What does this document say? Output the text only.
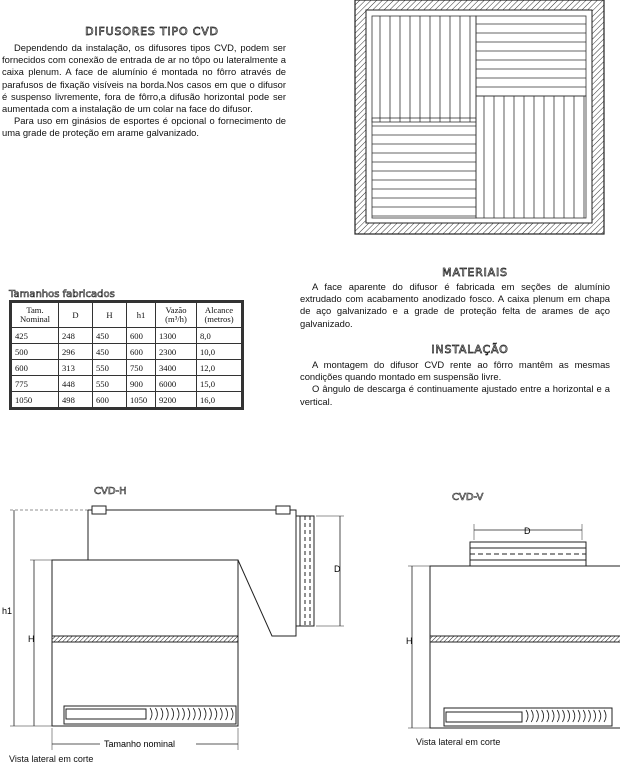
DIFUSORES TIPO CVD

Dependendo da instalação, os difusores tipos CVD, podem ser fornecidos com conexão de entrada de ar no tôpo ou lateralmente a caixa plenum. A face de alumínio é montada no fôrro através de parafusos de fixação visíveis na borda.Nos casos em que o difusor é suspenso livremente, fora de fôrro,a difusão horizontal pode ser aumentada com a instalação de um colar na face do difusor.

Para uso em ginásios de esportes é opcional o fornecimento de uma grade de proteção em arame galvanizado.

Tamanhos fabricados
Tam. Nominal	D	H	h1	Vazão (m³/h)	Alcance (metros)
425	248	450	600	1300	8,0
500	296	450	600	2300	10,0
600	313	550	750	3400	12,0
775	448	550	900	6000	15,0
1050	498	600	1050	9200	16,0
MATERIAIS

A face aparente do difusor é fabricada em seções de alumínio extrudado com acabamento anodizado fosco. A caixa plenum em chapa de aço galvanizado e a grade de proteção felta de arames de aço galvanizado.

INSTALAÇÃO

A montagem do difusor CVD rente ao fôrro mantêm as mesmas condições quando montado em suspensão livre.

O ângulo de descarga é continuamente ajustado entre a horizontal e a vertical.

CVD-H
h1
H
D
Tamanho nominal
Vista lateral em corte
CVD-V
D
H
Vista lateral em corte
